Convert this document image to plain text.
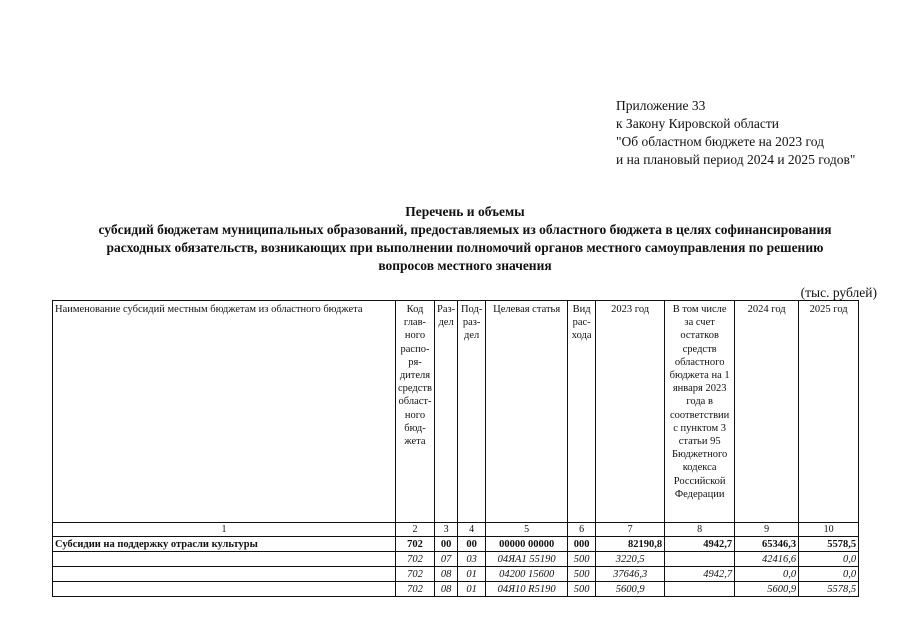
Приложение 33
к Закону Кировской области
"Об областном бюджете на 2023 год
и на плановый период 2024 и 2025 годов"
Перечень и объемы
субсидий бюджетам муниципальных образований, предоставляемых из областного бюджета в целях софинансирования
расходных обязательств, возникающих при выполнении полномочий органов местного самоуправления по решению
вопросов местного значения
(тыс. рублей)
Наименование субсидий местным бюджетам из областного бюджета	Код глав-ного распо-ря-дителя средств област-ного бюд-жета	Раз-дел	Под-раз-дел	Целевая статья	Вид рас-хода	2023 год	В том числе за счет остатков средств областного бюджета на 1 января 2023 года в соответствии с пунктом 3 статьи 95 Бюджетного кодекса Российской Федерации	2024 год	2025 год
1	2	3	4	5	6	7	8	9	10
Субсидии на поддержку отрасли культуры	702	00	00	00000 00000	000	82190,8	4942,7	65346,3	5578,5
	702	07	03	04ЯА1 55190	500	3220,5		42416,6	0,0
	702	08	01	04200 15600	500	37646,3	4942,7	0,0	0,0
	702	08	01	04Я10 R5190	500	5600,9		5600,9	5578,5
